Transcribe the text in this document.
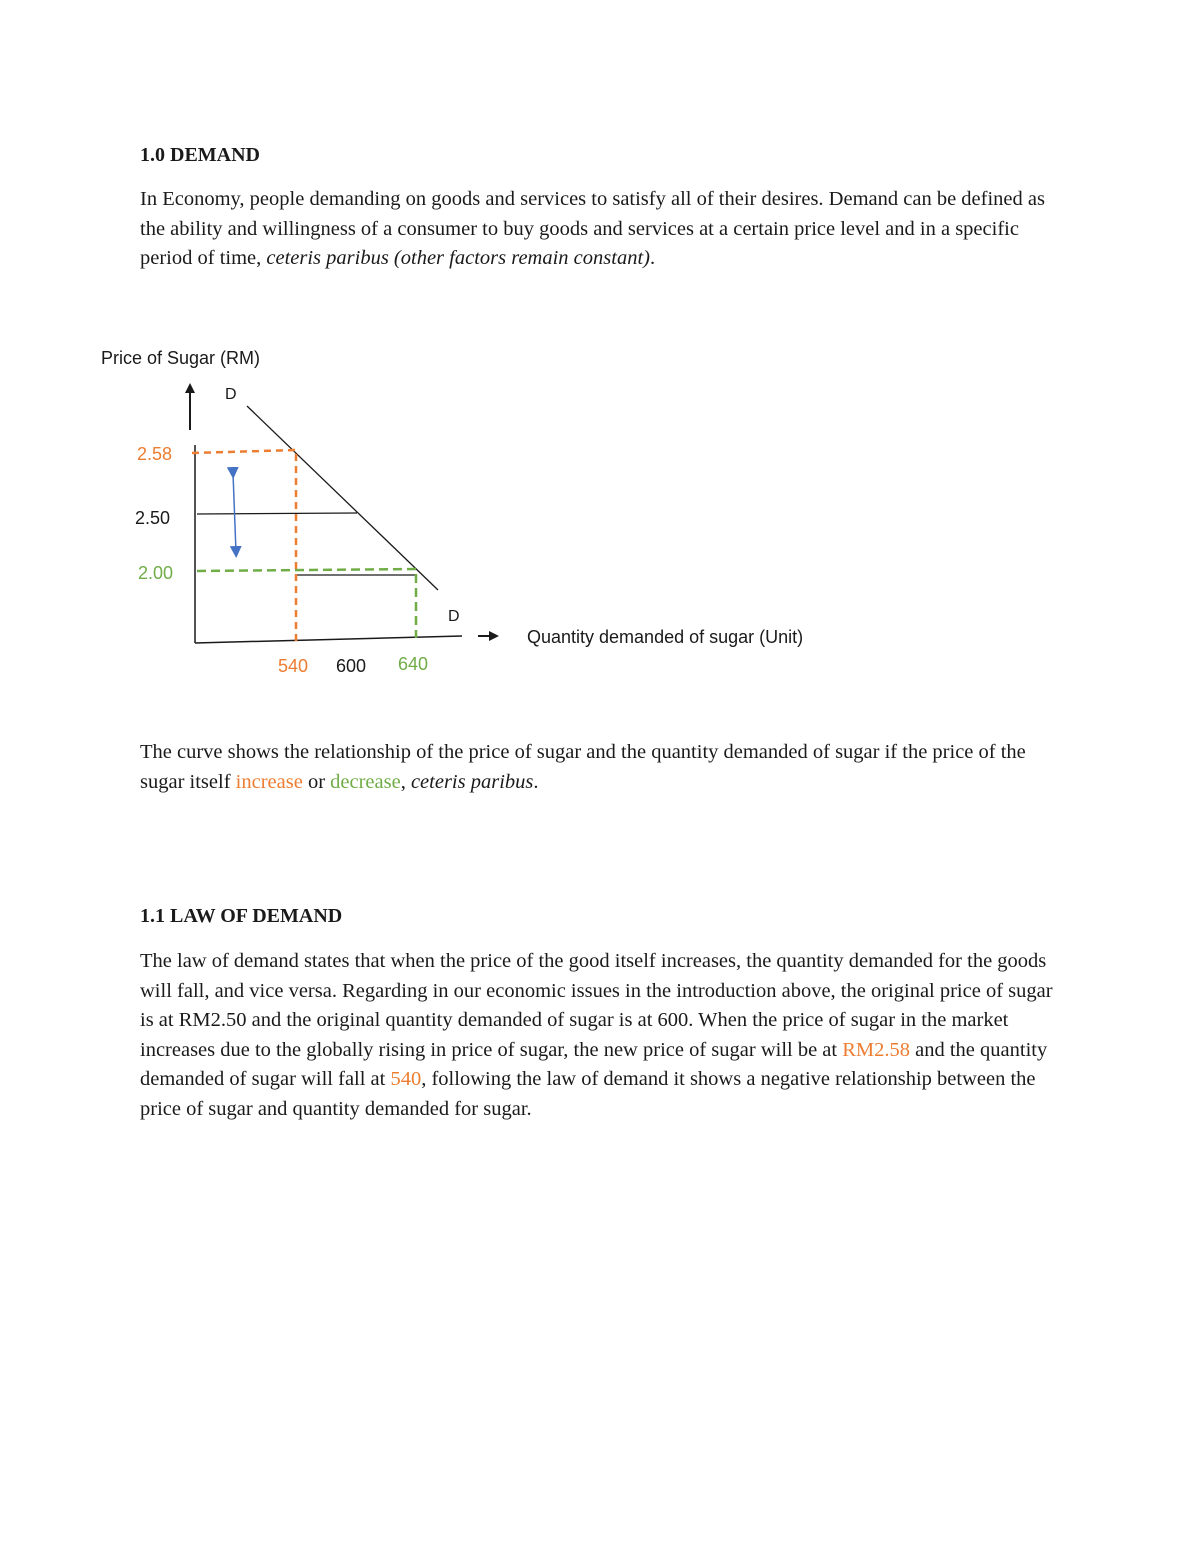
1.0 DEMAND

In Economy, people demanding on goods and services to satisfy all of their desires. Demand can be defined as the ability and willingness of a consumer to buy goods and services at a certain price level and in a specific period of time, ceteris paribus (other factors remain constant).

Price of Sugar (RM)
Quantity demanded of sugar (Unit)
D
D
2.58
2.50
2.00
540 600 640

The curve shows the relationship of the price of sugar and the quantity demanded of sugar if the price of the sugar itself increase or decrease, ceteris paribus.

1.1 LAW OF DEMAND

The law of demand states that when the price of the good itself increases, the quantity demanded for the goods will fall, and vice versa. Regarding in our economic issues in the introduction above, the original price of sugar is at RM2.50 and the original quantity demanded of sugar is at 600. When the price of sugar in the market increases due to the globally rising in price of sugar, the new price of sugar will be at RM2.58 and the quantity demanded of sugar will fall at 540, following the law of demand it shows a negative relationship between the price of sugar and quantity demanded for sugar.
